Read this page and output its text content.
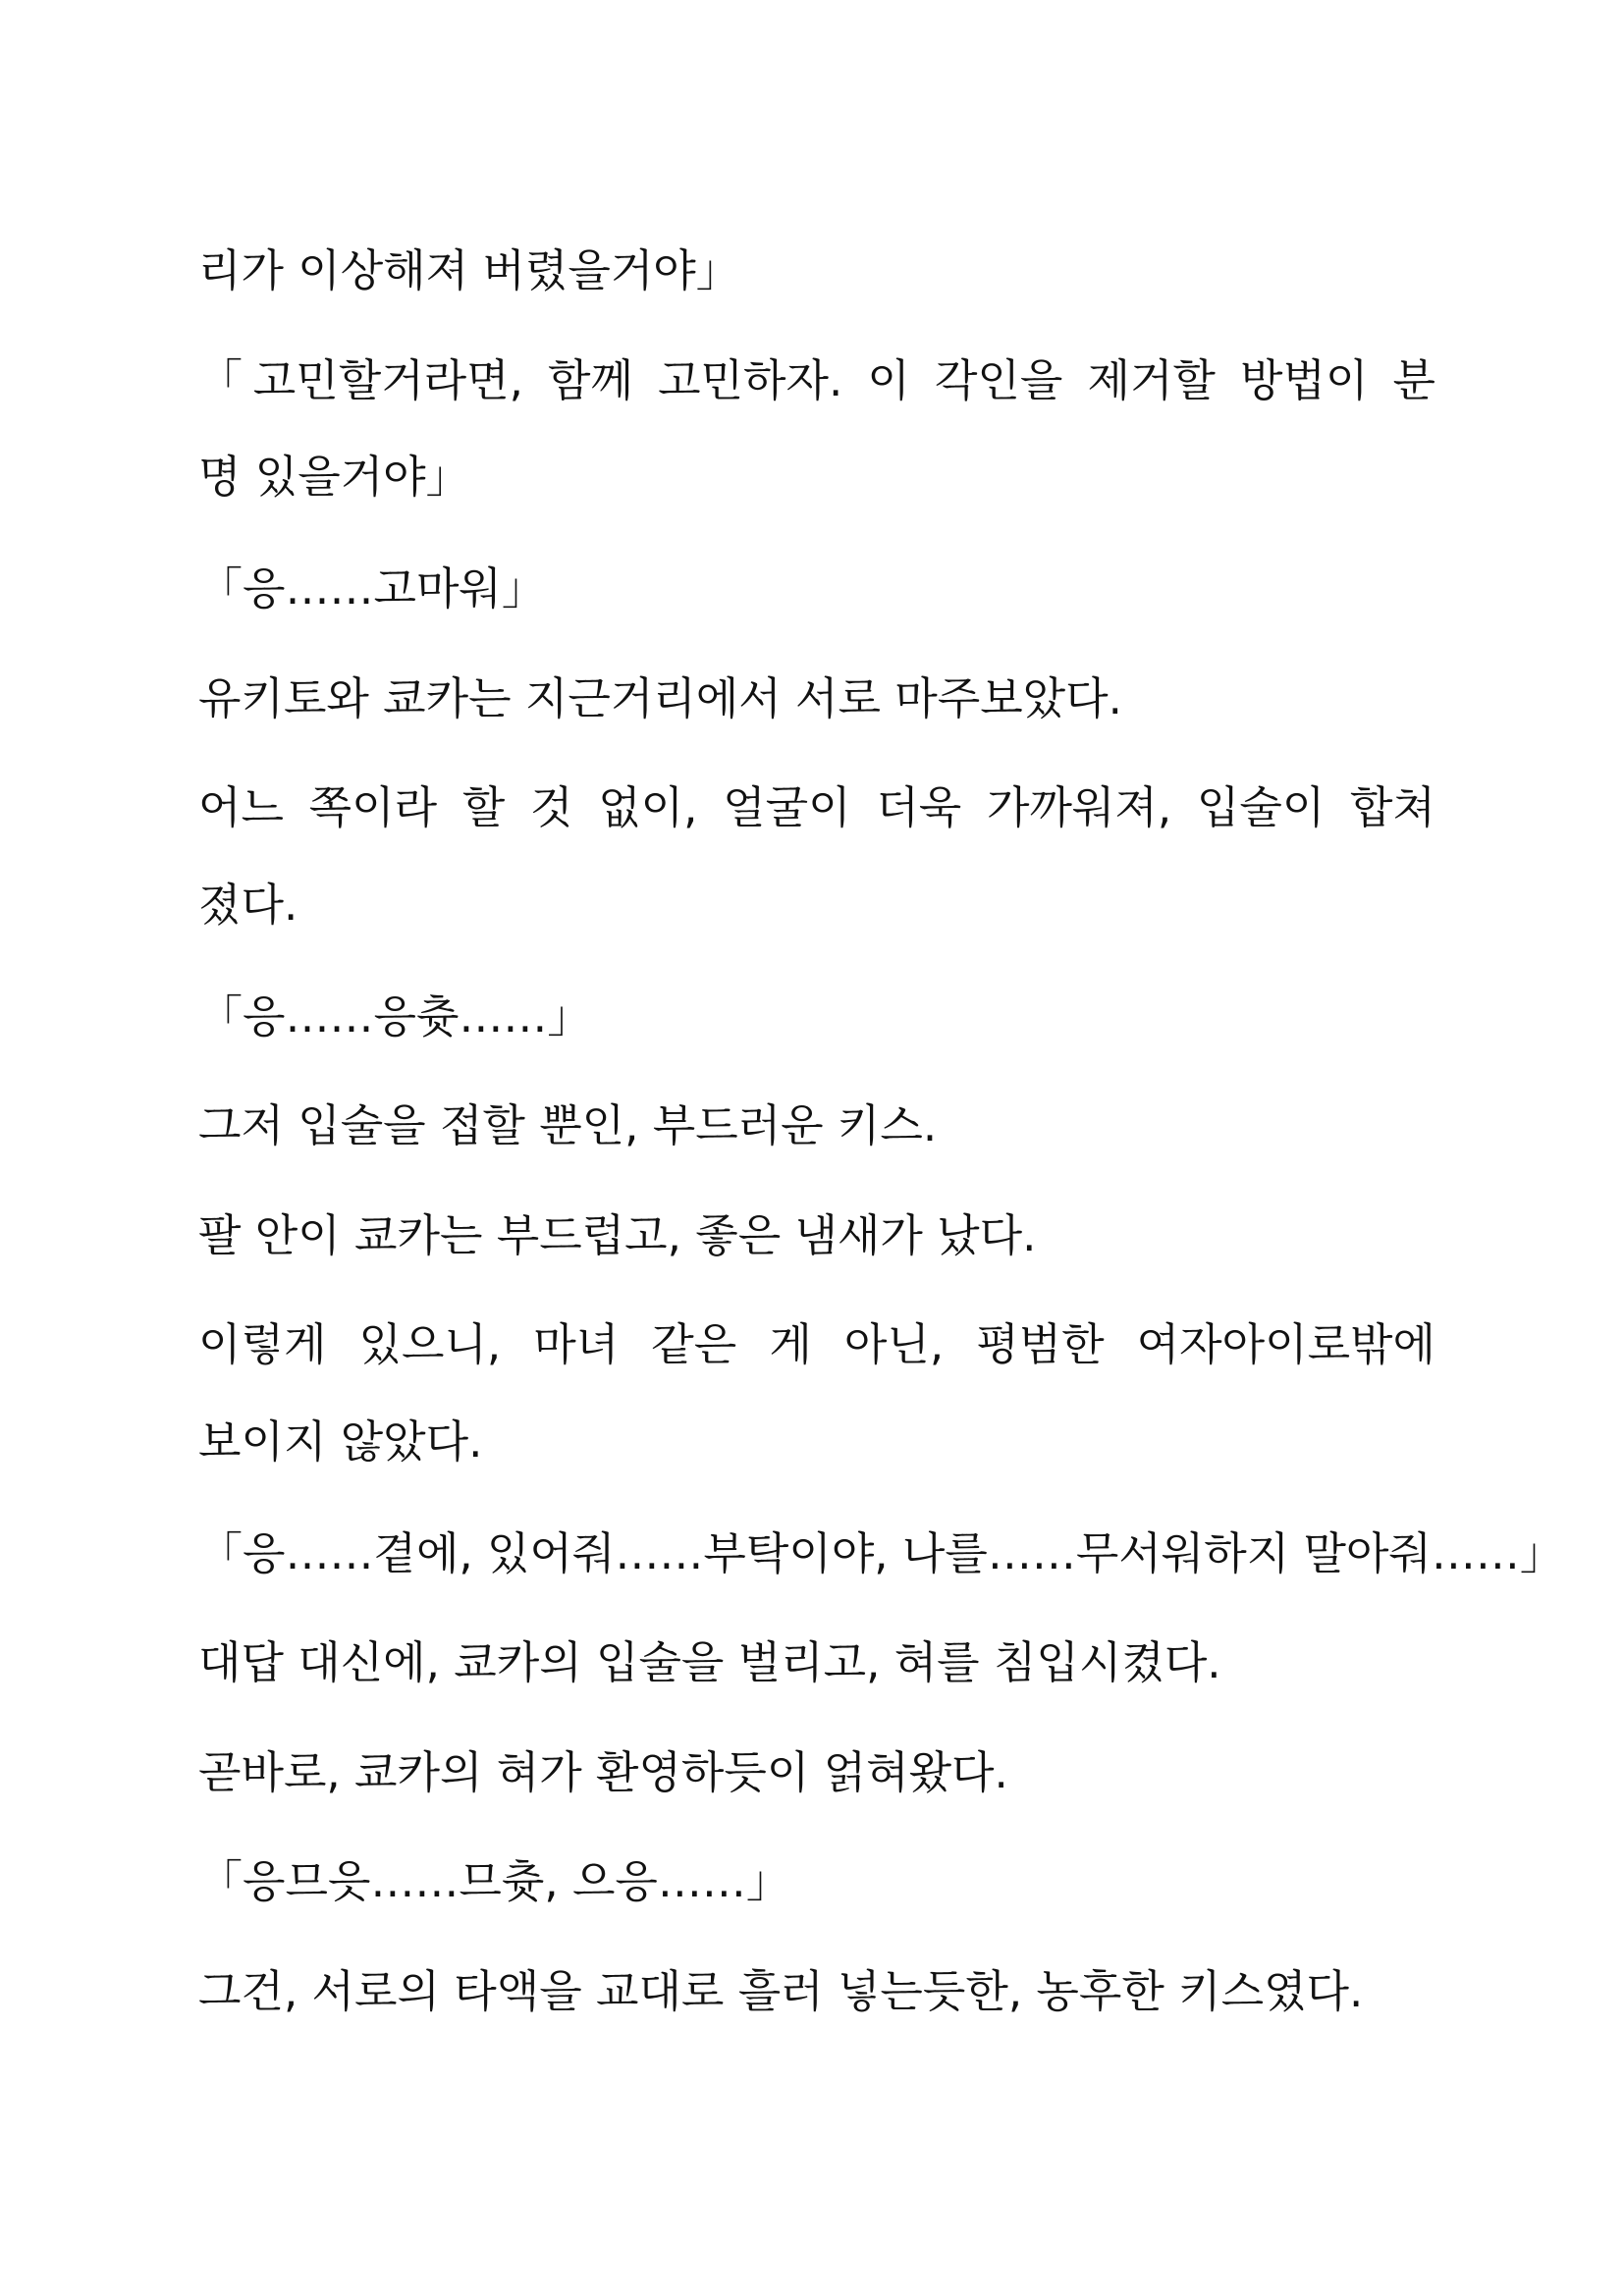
리가 이상해져 버렸을거야」

「고민할거라면, 함께 고민하자. 이 각인을 제거할 방법이 분

명 있을거야」

「응……고마워」

유키토와 쿄카는 지근거리에서 서로 마주보았다.

어느 쪽이라 할 것 없이, 얼굴이 더욱 가까워져, 입술이 합쳐

졌다.

「응……응츗……」

그저 입술을 접할 뿐인, 부드러운 키스.

팔 안이 쿄카는 부드럽고, 좋은 냄새가 났다.

이렇게 있으니, 마녀 같은 게 아닌, 평범한 여자아이로밖에

보이지 않았다.

「응……곁에, 있어줘……부탁이야, 나를……무서워하지 말아줘……」

대답 대신에, 쿄카의 입술을 벌리고, 혀를 침입시켰다.

곧바로, 쿄카의 혀가 환영하듯이 얽혀왔다.

「응므읏……므츗, 으응……」

그건, 서로의 타액을 교대로 흘러 넣는듯한, 농후한 키스였다.
